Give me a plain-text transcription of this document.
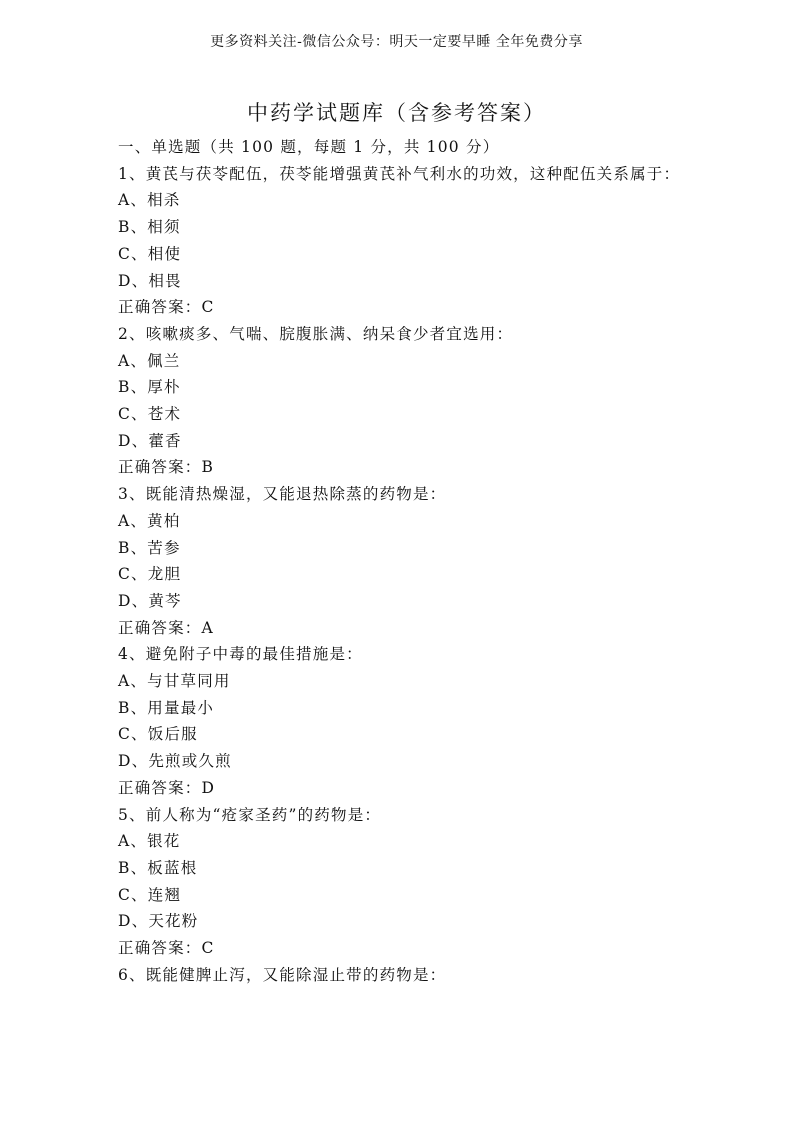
更多资料关注-微信公众号：明天一定要早睡 全年免费分享
中药学试题库（含参考答案）
一、单选题（共 100 题，每题 1 分，共 100 分）
1、黄芪与茯苓配伍，茯苓能增强黄芪补气利水的功效，这种配伍关系属于：
A、相杀
B、相须
C、相使
D、相畏
正确答案：C
2、咳嗽痰多、气喘、脘腹胀满、纳呆食少者宜选用：
A、佩兰
B、厚朴
C、苍术
D、藿香
正确答案：B
3、既能清热燥湿，又能退热除蒸的药物是：
A、黄柏
B、苦参
C、龙胆
D、黄芩
正确答案：A
4、避免附子中毒的最佳措施是：
A、与甘草同用
B、用量最小
C、饭后服
D、先煎或久煎
正确答案：D
5、前人称为“疮家圣药”的药物是：
A、银花
B、板蓝根
C、连翘
D、天花粉
正确答案：C
6、既能健脾止泻，又能除湿止带的药物是：
